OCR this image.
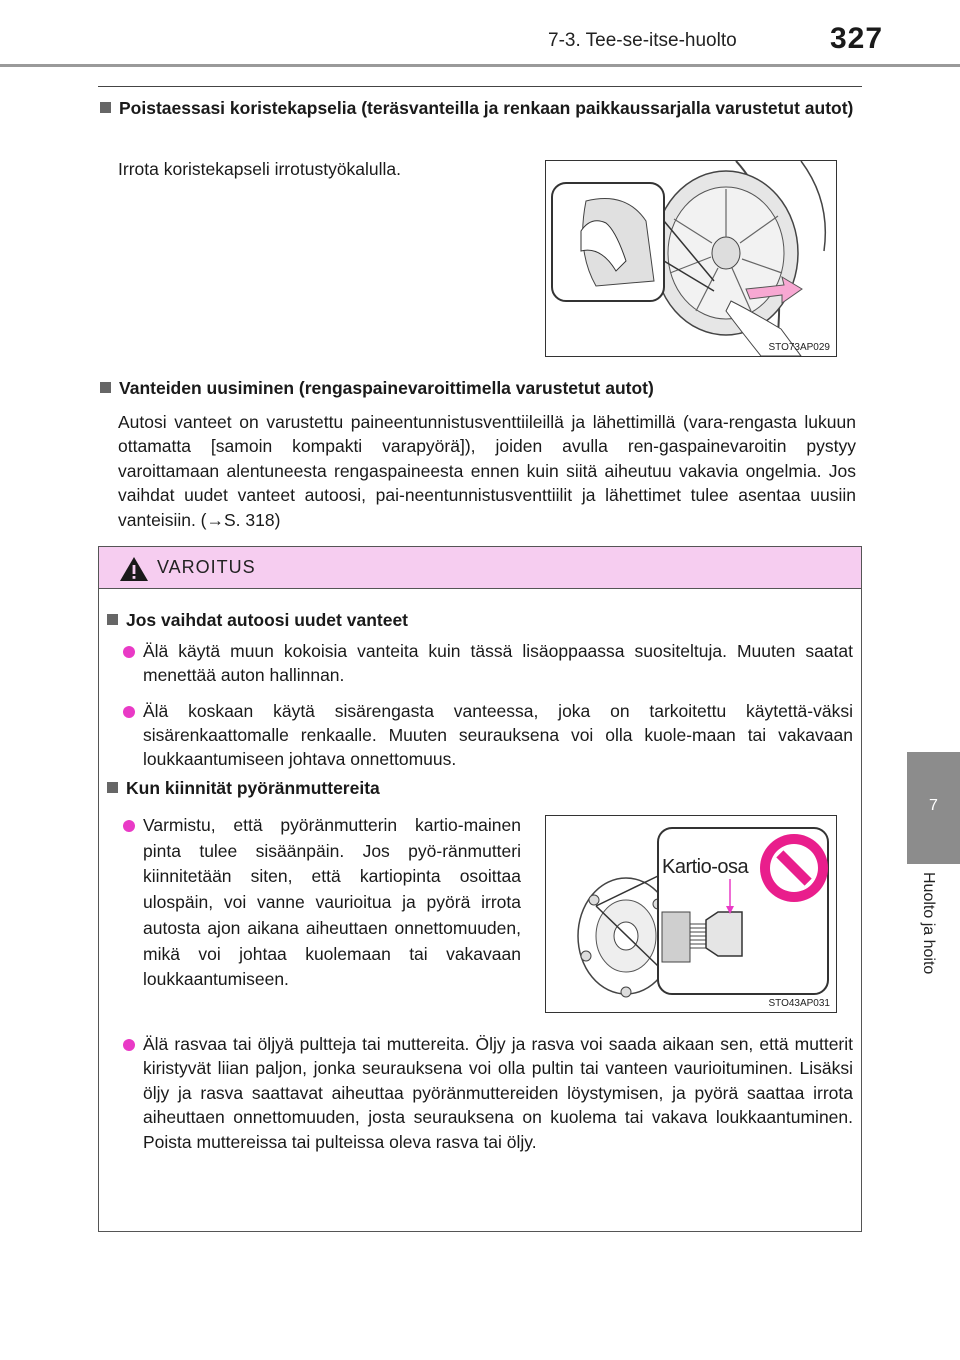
7-3. Tee-se-itse-huolto	327
7
Huolto ja hoito
Poistaessasi koristekapselia (teräsvanteilla ja renkaan paikkaussarjalla varustetut autot)
Irrota koristekapseli irrotustyökalulla.
STO73AP029
Vanteiden uusiminen (rengaspainevaroittimella varustetut autot)
Autosi vanteet on varustettu paineentunnistusventtiileillä ja lähettimillä (vara-rengasta lukuun ottamatta [samoin kompakti varapyörä]), joiden avulla ren-gaspainevaroitin pystyy varoittamaan alentuneesta rengaspaineesta ennen kuin siitä aiheutuu vakavia ongelmia. Jos vaihdat uudet vanteet autoosi, pai-neentunnistusventtiilit ja lähettimet tulee asentaa uusiin vanteisiin. (→S. 318)
VAROITUS
Jos vaihdat autoosi uudet vanteet
Älä käytä muun kokoisia vanteita kuin tässä lisäoppaassa suositeltuja. Muuten saatat menettää auton hallinnan.
Älä koskaan käytä sisärengasta vanteessa, joka on tarkoitettu käytettä-väksi sisärenkaattomalle renkaalle. Muuten seurauksena voi olla kuole-maan tai vakavaan loukkaantumiseen johtava onnettomuus.
Kun kiinnität pyöränmuttereita
Varmistu, että pyöränmutterin kartio-mainen pinta tulee sisäänpäin. Jos pyö-ränmutteri kiinnitetään siten, että kartiopinta osoittaa ulospäin, voi vanne vaurioitua ja pyörä irrota autosta ajon aikana aiheuttaen onnettomuuden, mikä voi johtaa kuolemaan tai vakavaan loukkaantumiseen.
Kartio-osa
STO43AP031
Älä rasvaa tai öljyä pultteja tai muttereita. Öljy ja rasva voi saada aikaan sen, että mutterit kiristyvät liian paljon, jonka seurauksena voi olla pultin tai vanteen vaurioituminen. Lisäksi öljy ja rasva saattavat aiheuttaa pyöränmuttereiden löystymisen, ja pyörä saattaa irrota aiheuttaen onnettomuuden, josta seurauksena on kuolema tai vakava loukkaantuminen. Poista muttereissa tai pulteissa oleva rasva tai öljy.
